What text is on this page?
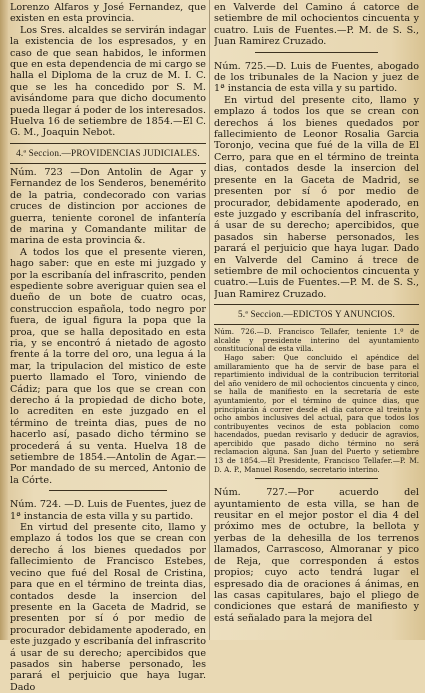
Lorenzo Alfaros y José Fernandez, que existen en esta provincia.

Los Sres. alcaldes se servirán indagar la existencia de los espresados, y en caso de que sean habidos, le informen que en esta dependencia de mi cargo se halla el Diploma de la cruz de M. I. C. que se les ha concedido por S. M. avisándome para que dicho documento pueda llegar á poder de los interesados. Huelva 16 de setiembre de 1854.—El C. G. M., Joaquin Nebot.

4.ª Seccion.—PROVIDENCIAS JUDICIALES.

Núm. 723 —Don Antolin de Agar y Fernandez de los Senderos, benemérito de la patria, condecorado con varias cruces de distincion por acciones de guerra, teniente coronel de infantería de marina y Comandante militar de marina de esta provincia &.

A todos los que el presente vieren, hago saber: que en este mi juzgado y por la escribanía del infrascrito, penden espediente sobre averiguar quien sea el dueño de un bote de cuatro ocas, construccion española, todo negro por fuera, de igual figura la popa que la proa, que se halla depositado en esta ria, y se encontró á nietado de agosto frente á la torre del oro, una legua á la mar, la tripulacion del mistico de este puerto llamado el Toro, viniendo de Cádiz; para que los que se crean con derecho á la propiedad de dicho bote, lo acrediten en este juzgado en el término de treinta dias, pues de no hacerlo así, pasado dicho término se procederá á su venta. Huelva 18 de setiembre de 1854.—Antolin de Agar.—Por mandado de su merced, Antonio de la Córte.

Núm. 724. —D. Luis de Fuentes, juez de 1ª instancia de esta villa y su partido.

En virtud del presente cito, llamo y emplazo á todos los que se crean con derecho á los bienes quedados por fallecimiento de Francisco Estebes, vecino que fué del Rosal de Cristina, para que en el término de treinta dias, contados desde la insercion del presente en la Gaceta de Madrid, se presenten por sí ó por medio de procurador debidamente apoderado, en este juzgado y escribanía del infrascrito á usar de su derecho; apercibidos que pasados sin haberse personado, les parará el perjuicio que haya lugar. Dado

en Valverde del Camino á catorce de setiembre de mil ochocientos cincuenta y cuatro. Luis de Fuentes.—P. M. de S. S., Juan Ramirez Cruzado.

Núm. 725.—D. Luis de Fuentes, abogado de los tribunales de la Nacion y juez de 1ª instancia de esta villa y su partido.

En virtud del presente cito, llamo y emplazo á todos los que se crean con derechos á los bienes quedados por fallecimiento de Leonor Rosalia Garcia Toronjo, vecina que fué de la villa de El Cerro, para que en el término de treinta dias, contados desde la insercion del presente en la Gaceta de Madrid, se presenten por sí ó por medio de procurador, debidamente apoderado, en este juzgado y escribanía del infrascrito, á usar de su derecho; apercibidos, que pasados sin haberse personados, les parará el perjuicio que haya lugar. Dado en Valverde del Camino á trece de setiembre de mil ochocientos cincuenta y cuatro.—Luis de Fuentes.—P. M. de S. S., Juan Ramirez Cruzado.

5.ª Seccion.—EDICTOS Y ANUNCIOS.

Núm. 726.—D. Francisco Tellafer, teniente 1.º de alcalde y presidente interino del ayuntamiento constitucional de esta villa.

Hago saber: Que concluido el apéndice del amillaramiento que ha de servir de base para el repartimiento individual de la contribucion territorial del año venidero de mil ochocientos cincuenta y cinco, se halla de manifiesto en la secretaría de este ayuntamiento, por el término de quince dias, que principiarán á correr desde el dia catorce al treinta y ocho ambos inclusives del actual, para que todos los contribuyentes vecinos de esta poblacion como hacendados, puedan revisarlo y deducir de agravios, apercibido que pasado dicho término no será reclamacion alguna. San Juan del Puerto y setiembre 13 de 1854.—El Presidente, Francisco Tellafer.—P. M. D. A. P., Manuel Rosendo, secretario interino.

Núm. 727.—Por acuerdo del ayuntamiento de esta villa, se han de reusitar en el mejor postor el dia 4 del próximo mes de octubre, la bellota y yerbas de la dehesilla de los terrenos llamados, Carrascoso, Almoranar y pico de Reja, que corresponden á estos propios; cuyo acto tendrá lugar el espresado dia de oraciones á ánimas, en las casas capitulares, bajo el pliego de condiciones que estará de manifiesto y está señalado para la mejora del
